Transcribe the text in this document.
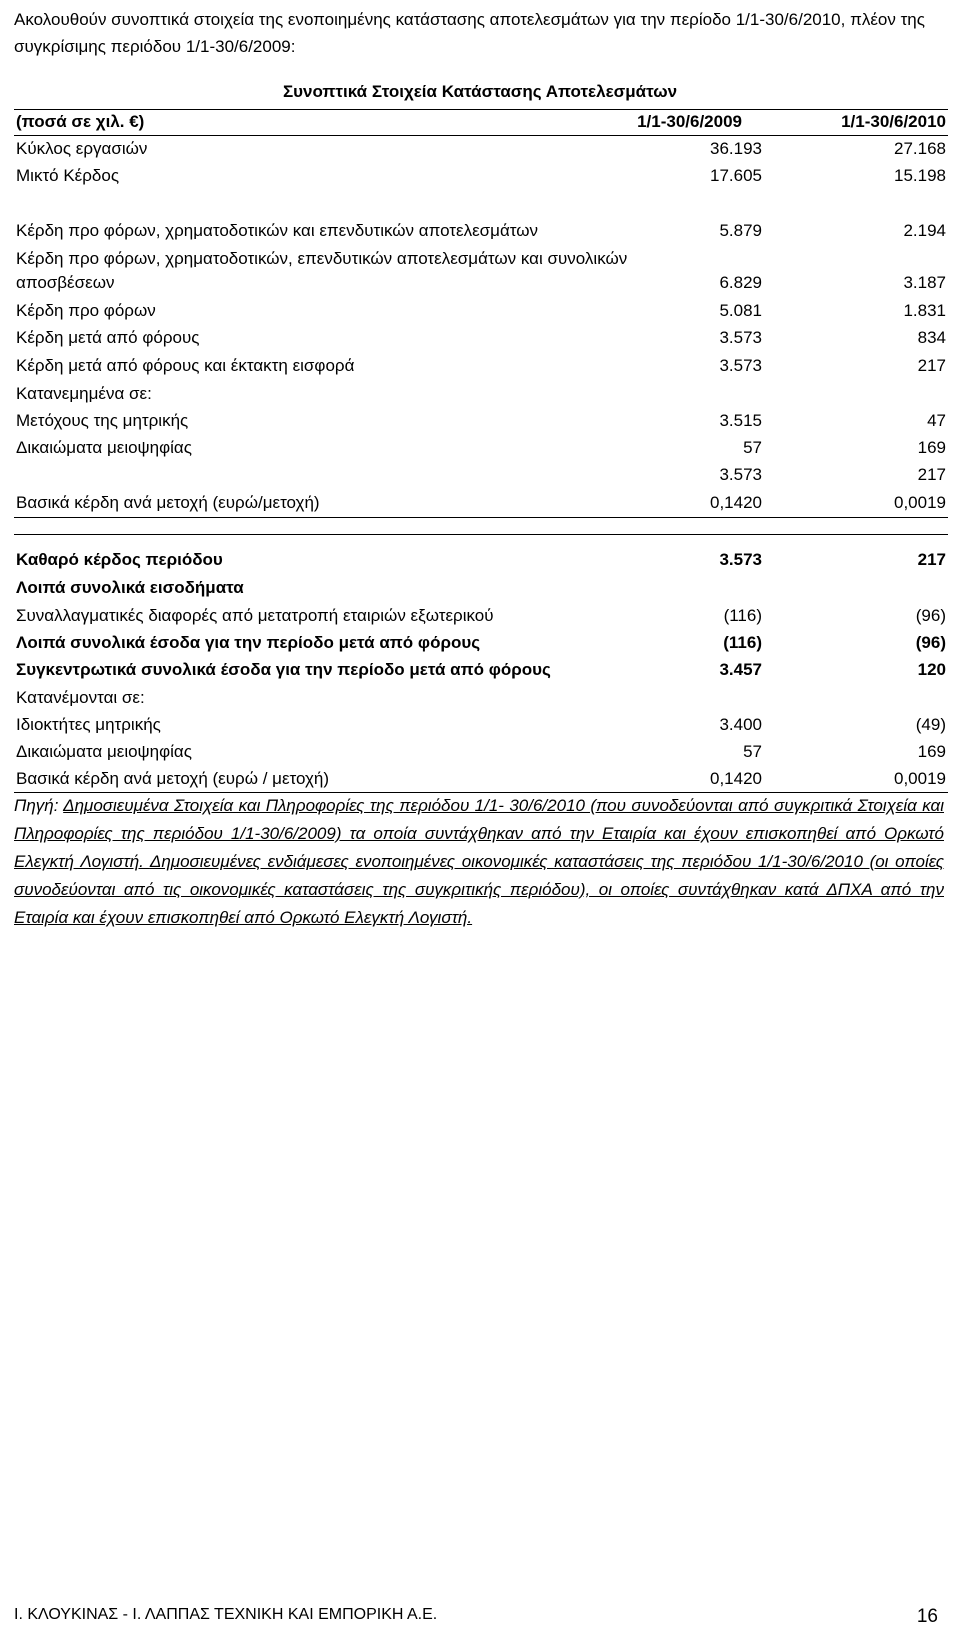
Ακολουθούν συνοπτικά στοιχεία της ενοποιημένης κατάστασης αποτελεσμάτων για την περίοδο 1/1-30/6/2010, πλέον της συγκρίσιμης περιόδου 1/1-30/6/2009:
Συνοπτικά Στοιχεία Κατάστασης Αποτελεσμάτων
(ποσά σε χιλ. €)	1/1-30/6/2009	1/1-30/6/2010
Κύκλος εργασιών	36.193	27.168
Μικτό Κέρδος	17.605	15.198
Κέρδη προ φόρων, χρηματοδοτικών και επενδυτικών αποτελεσμάτων	5.879	2.194
Κέρδη προ φόρων, χρηματοδοτικών, επενδυτικών αποτελεσμάτων και συνολικών αποσβέσεων	6.829	3.187
Κέρδη προ φόρων	5.081	1.831
Κέρδη μετά από φόρους	3.573	834
Κέρδη μετά από φόρους και έκτακτη εισφορά	3.573	217
Κατανεμημένα σε:
Μετόχους της μητρικής	3.515	47
Δικαιώματα μειοψηφίας	57	169
3.573	217
Βασικά κέρδη ανά μετοχή (ευρώ/μετοχή)	0,1420	0,0019
Καθαρό κέρδος περιόδου	3.573	217
Λοιπά συνολικά εισοδήματα
Συναλλαγματικές διαφορές από μετατροπή εταιριών εξωτερικού	(116)	(96)
Λοιπά συνολικά έσοδα για την περίοδο μετά από φόρους	(116)	(96)
Συγκεντρωτικά συνολικά έσοδα για την περίοδο μετά από φόρους	3.457	120
Κατανέμονται σε:
Ιδιοκτήτες μητρικής	3.400	(49)
Δικαιώματα μειοψηφίας	57	169
Βασικά κέρδη ανά μετοχή (ευρώ / μετοχή)	0,1420	0,0019
Πηγή: Δημοσιευμένα Στοιχεία και Πληροφορίες της περιόδου 1/1- 30/6/2010 (που συνοδεύονται από συγκριτικά Στοιχεία και Πληροφορίες της περιόδου 1/1-30/6/2009) τα οποία συντάχθηκαν από την Εταιρία και έχουν επισκοπηθεί από Ορκωτό Ελεγκτή Λογιστή. Δημοσιευμένες ενδιάμεσες ενοποιημένες οικονομικές καταστάσεις της περιόδου 1/1-30/6/2010 (οι οποίες συνοδεύονται από τις οικονομικές καταστάσεις της συγκριτικής περιόδου), οι οποίες συντάχθηκαν κατά ΔΠΧΑ από την Εταιρία και έχουν επισκοπηθεί από Ορκωτό Ελεγκτή Λογιστή.
Ι. ΚΛΟΥΚΙΝΑΣ - Ι. ΛΑΠΠΑΣ ΤΕΧΝΙΚΗ ΚΑΙ ΕΜΠΟΡΙΚΗ Α.Ε.	16
